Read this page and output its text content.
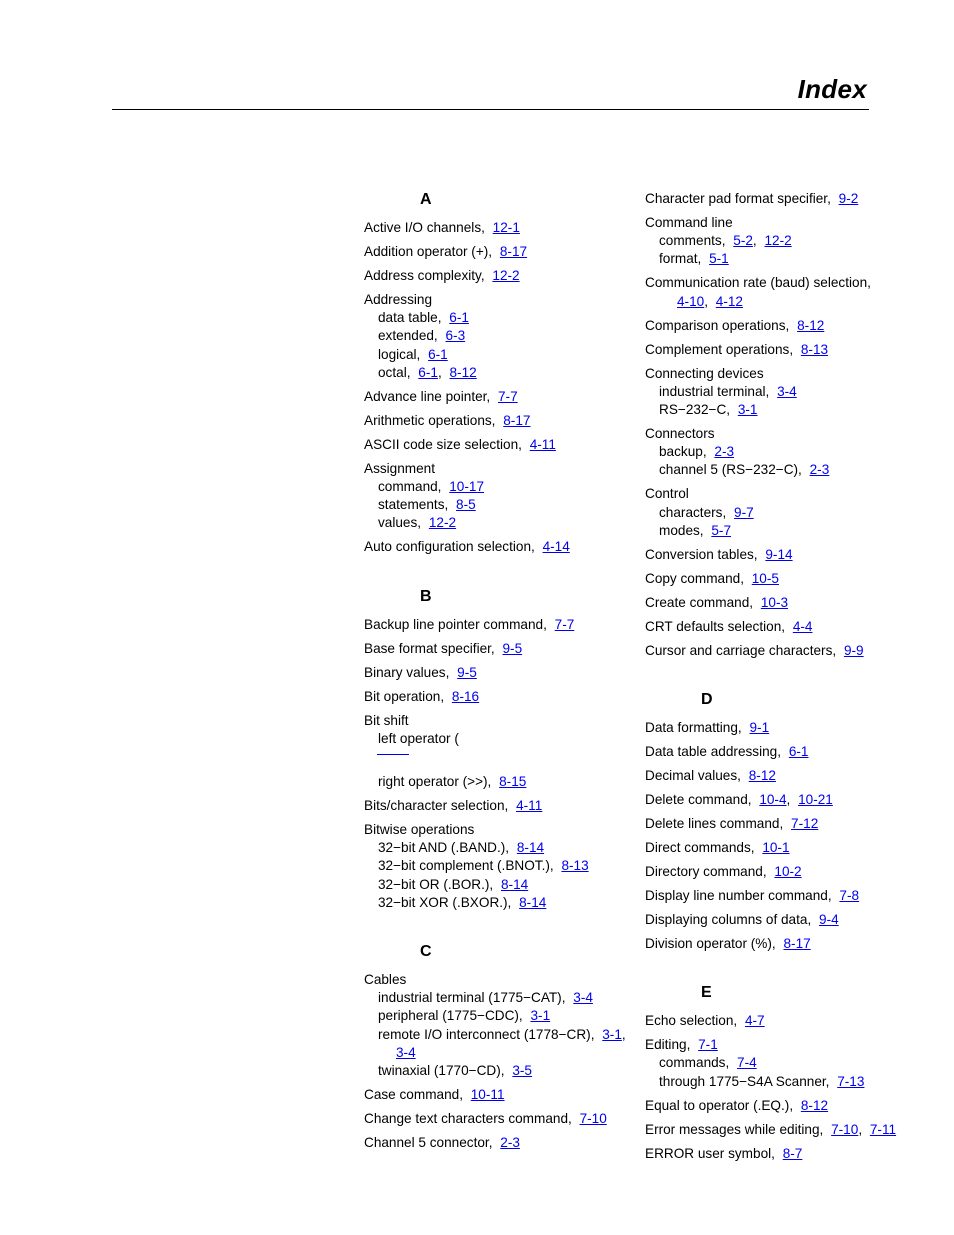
Index
A
Active I/O channels, 12-1
Addition operator (+), 8-17
Address complexity, 12-2
Addressing
data table, 6-1
extended, 6-3
logical, 6-1
octal, 6-1, 8-12
Advance line pointer, 7-7
Arithmetic operations, 8-17
ASCII code size selection, 4-11
Assignment
command, 10-17
statements, 8-5
values, 12-2
Auto configuration selection, 4-14
B
Backup line pointer command, 7-7
Base format specifier, 9-5
Binary values, 9-5
Bit operation, 8-16
Bit shift
left operator (
right operator (>>), 8-15
Bits/character selection, 4-11
Bitwise operations
32−bit AND (.BAND.), 8-14
32−bit complement (.BNOT.), 8-13
32−bit OR (.BOR.), 8-14
32−bit XOR (.BXOR.), 8-14
C
Cables
industrial terminal (1775−CAT), 3-4
peripheral (1775−CDC), 3-1
remote I/O interconnect (1778−CR), 3-1,
3-4
twinaxial (1770−CD), 3-5
Case command, 10-11
Change text characters command, 7-10
Channel 5 connector, 2-3
Character pad format specifier, 9-2
Command line
comments, 5-2, 12-2
format, 5-1
Communication rate (baud) selection,
4-10, 4-12
Comparison operations, 8-12
Complement operations, 8-13
Connecting devices
industrial terminal, 3-4
RS−232−C, 3-1
Connectors
backup, 2-3
channel 5 (RS−232−C), 2-3
Control
characters, 9-7
modes, 5-7
Conversion tables, 9-14
Copy command, 10-5
Create command, 10-3
CRT defaults selection, 4-4
Cursor and carriage characters, 9-9
D
Data formatting, 9-1
Data table addressing, 6-1
Decimal values, 8-12
Delete command, 10-4, 10-21
Delete lines command, 7-12
Direct commands, 10-1
Directory command, 10-2
Display line number command, 7-8
Displaying columns of data, 9-4
Division operator (%), 8-17
E
Echo selection, 4-7
Editing, 7-1
commands, 7-4
through 1775−S4A Scanner, 7-13
Equal to operator (.EQ.), 8-12
Error messages while editing, 7-10, 7-11
ERROR user symbol, 8-7
